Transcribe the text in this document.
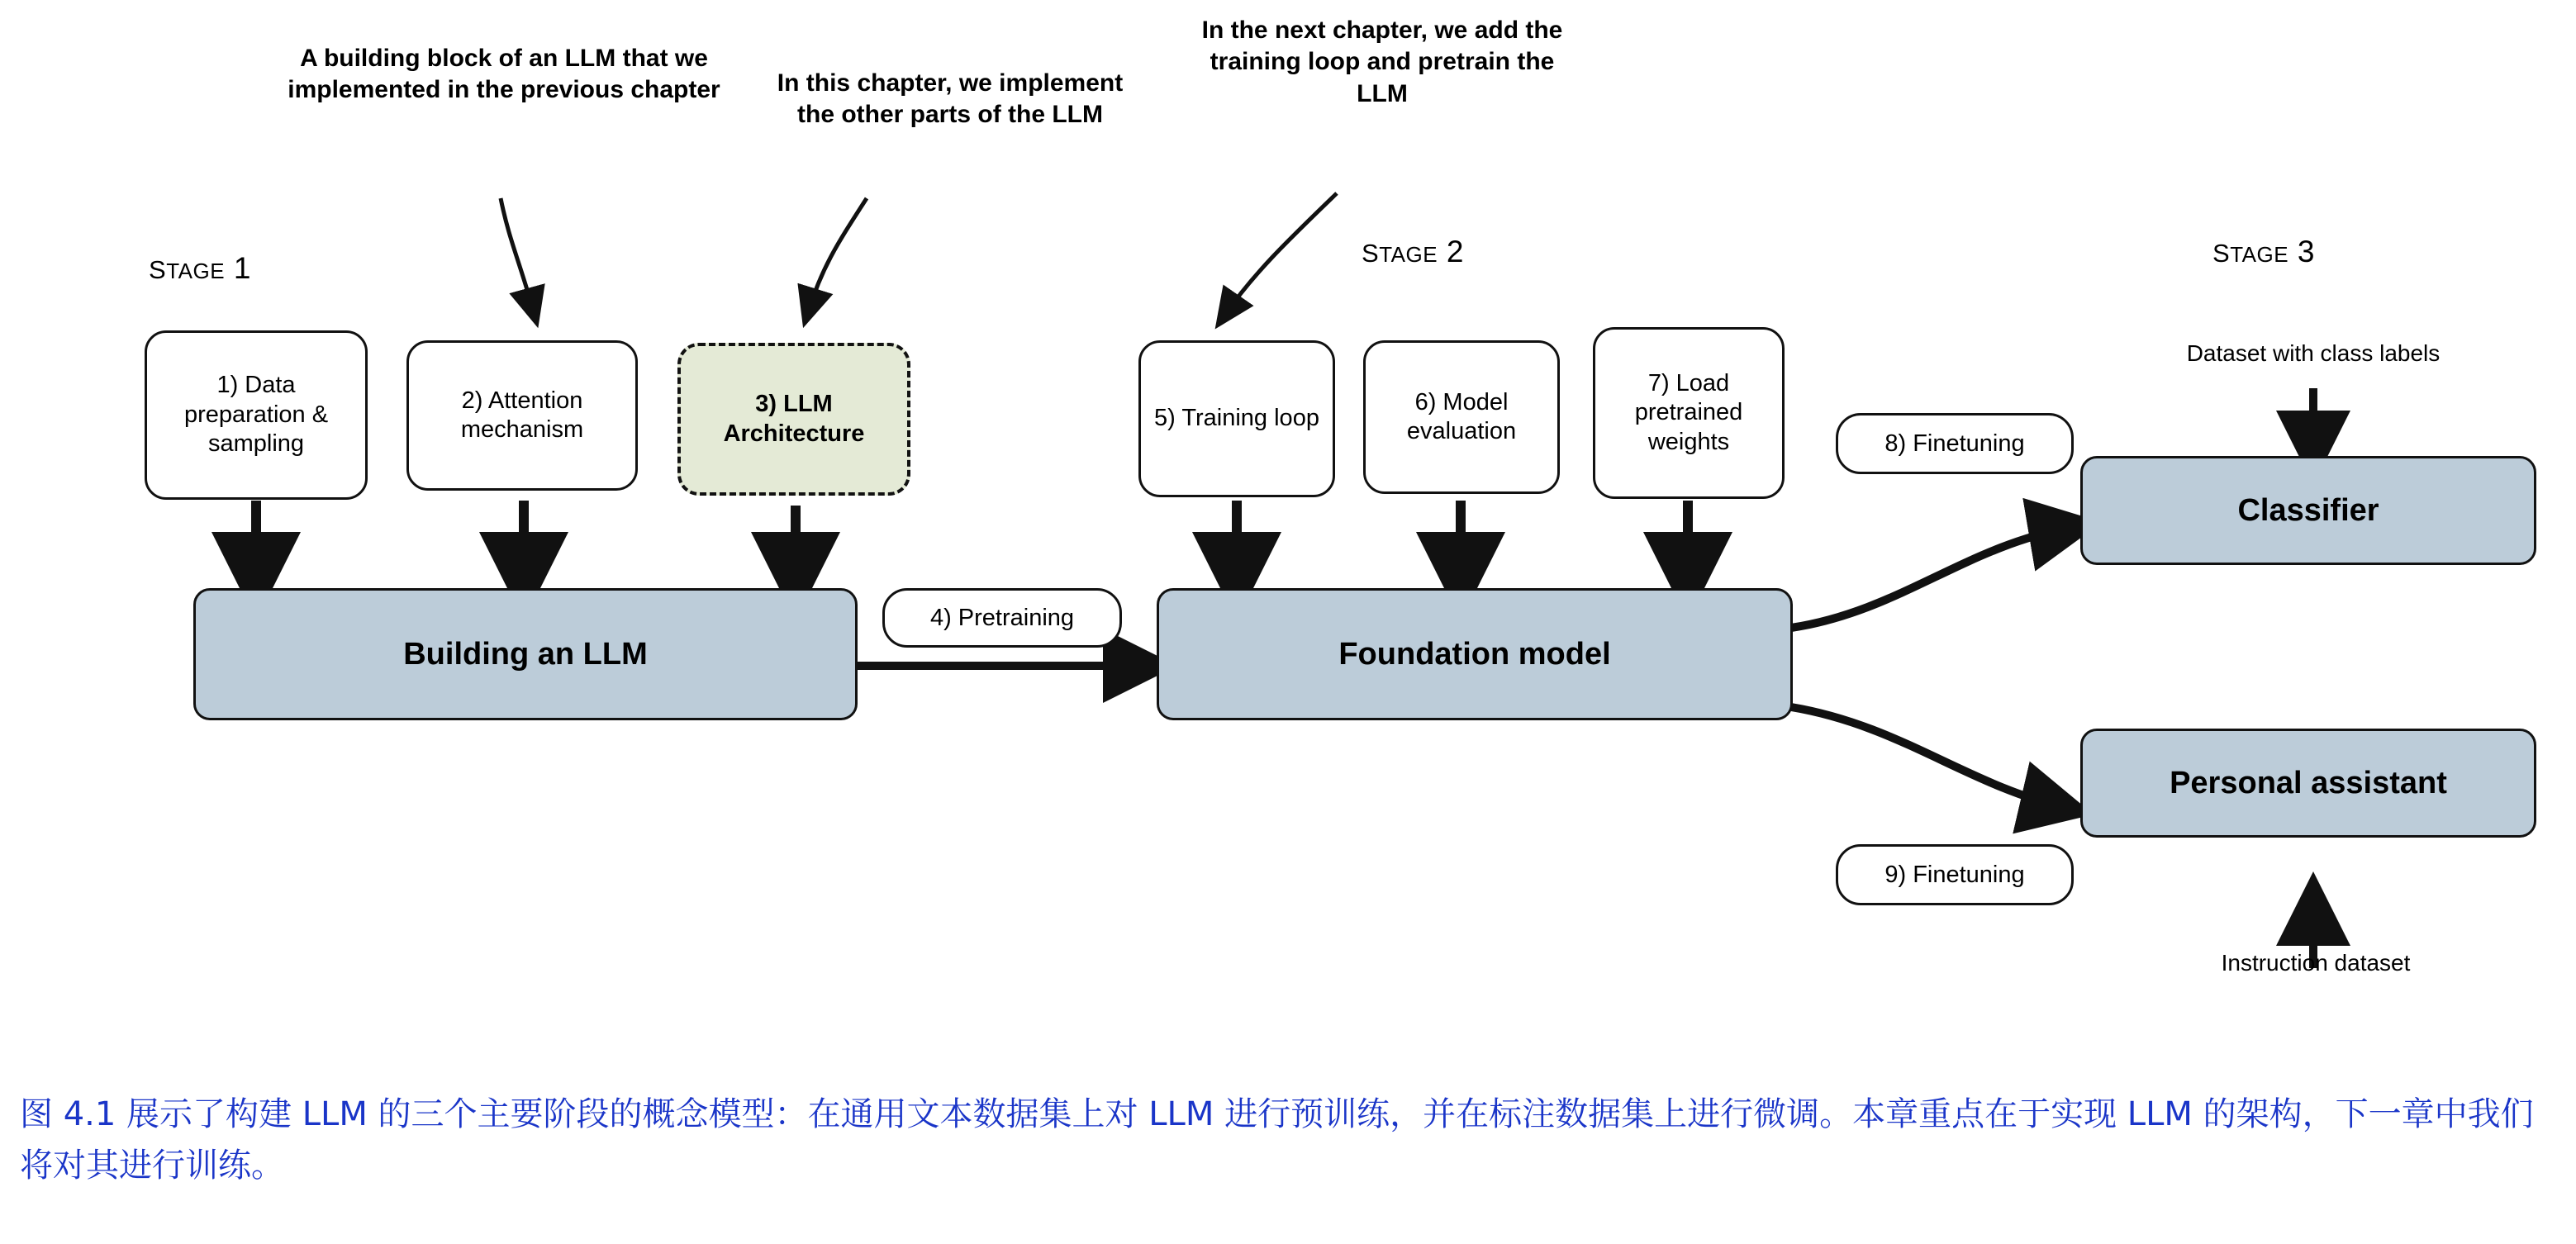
A building block of an LLM that we implemented in the previous chapter	In this chapter, we implement the other parts of the LLM
In the next chapter, we add the training loop and pretrain the LLM
stage 1	stage 2	stage 3
1) Data preparation & sampling
2) Attention mechanism
3) LLM Architecture
5) Training loop
6) Model evaluation
7) Load pretrained weights
4) Pretraining
8) Finetuning
9) Finetuning
Building an LLM	Foundation model
Classifier
Personal assistant
Dataset with class labels
Instruction dataset
图 4.1 展示了构建 LLM 的三个主要阶段的概念模型：在通用文本数据集上对 LLM 进行预训练，并在标注数据集上进行微调。本章重点在于实现 LLM 的架构，下一章中我们将对其进行训练。
